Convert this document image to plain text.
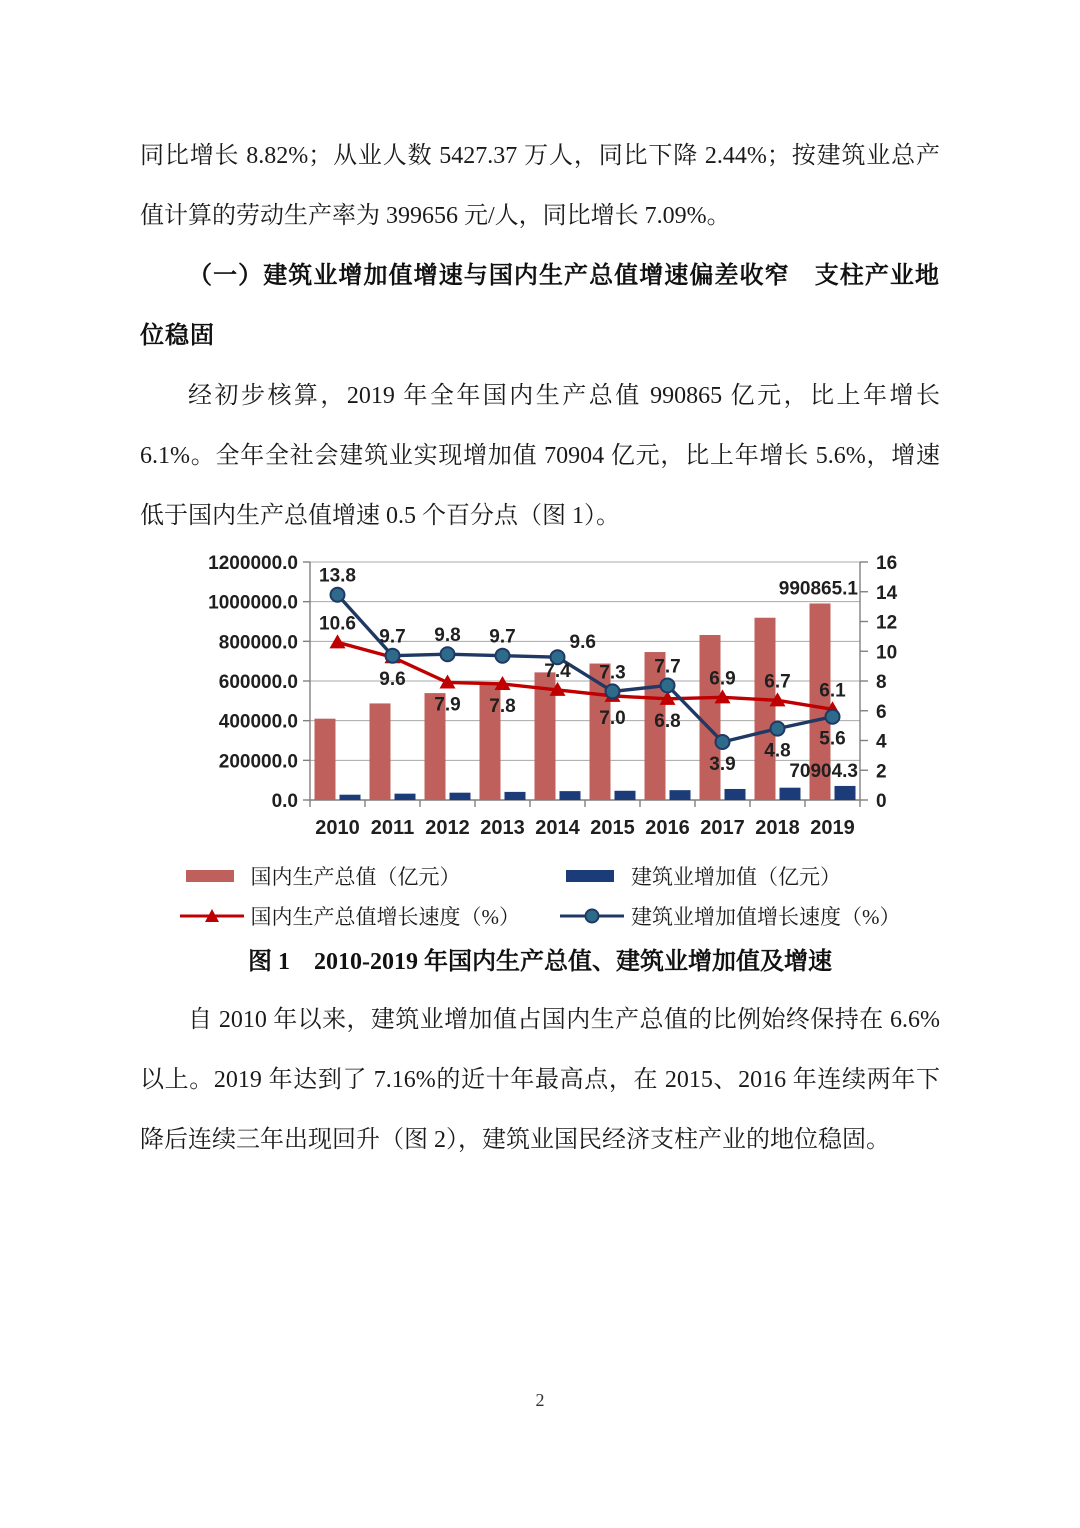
同比增长 8.82%；从业人数 5427.37 万人，同比下降 2.44%；按建筑业总产值计算的劳动生产率为 399656 元/人，同比增长 7.09%。

（一）建筑业增加值增速与国内生产总值增速偏差收窄　支柱产业地位稳固

经初步核算，2019 年全年国内生产总值 990865 亿元，比上年增长 6.1%。全年全社会建筑业实现增加值 70904 亿元，比上年增长 5.6%，增速低于国内生产总值增速 0.5 个百分点（图 1）。

0.0
200000.0
400000.0
600000.0
800000.0
1000000.0
1200000.0
0
2
4
6
8
10
12
14
16
2010 2011 2012 2013 2014 2015 2016 2017 2018 2019
10.6
9.6
7.9 7.8
7.4
7.0 6.8
6.9 6.7 6.1
13.8
9.7 9.8 9.7	9.6
7.3 7.7
3.9
4.8
5.6
990865.1
70904.3
国内生产总值（亿元）	建筑业增加值（亿元）
国内生产总值增长速度（%）	建筑业增加值增长速度（%）
图 1　2010-2019 年国内生产总值、建筑业增加值及增速

自 2010 年以来，建筑业增加值占国内生产总值的比例始终保持在 6.6%以上。2019 年达到了 7.16%的近十年最高点，在 2015、2016 年连续两年下降后连续三年出现回升（图 2），建筑业国民经济支柱产业的地位稳固。

2
